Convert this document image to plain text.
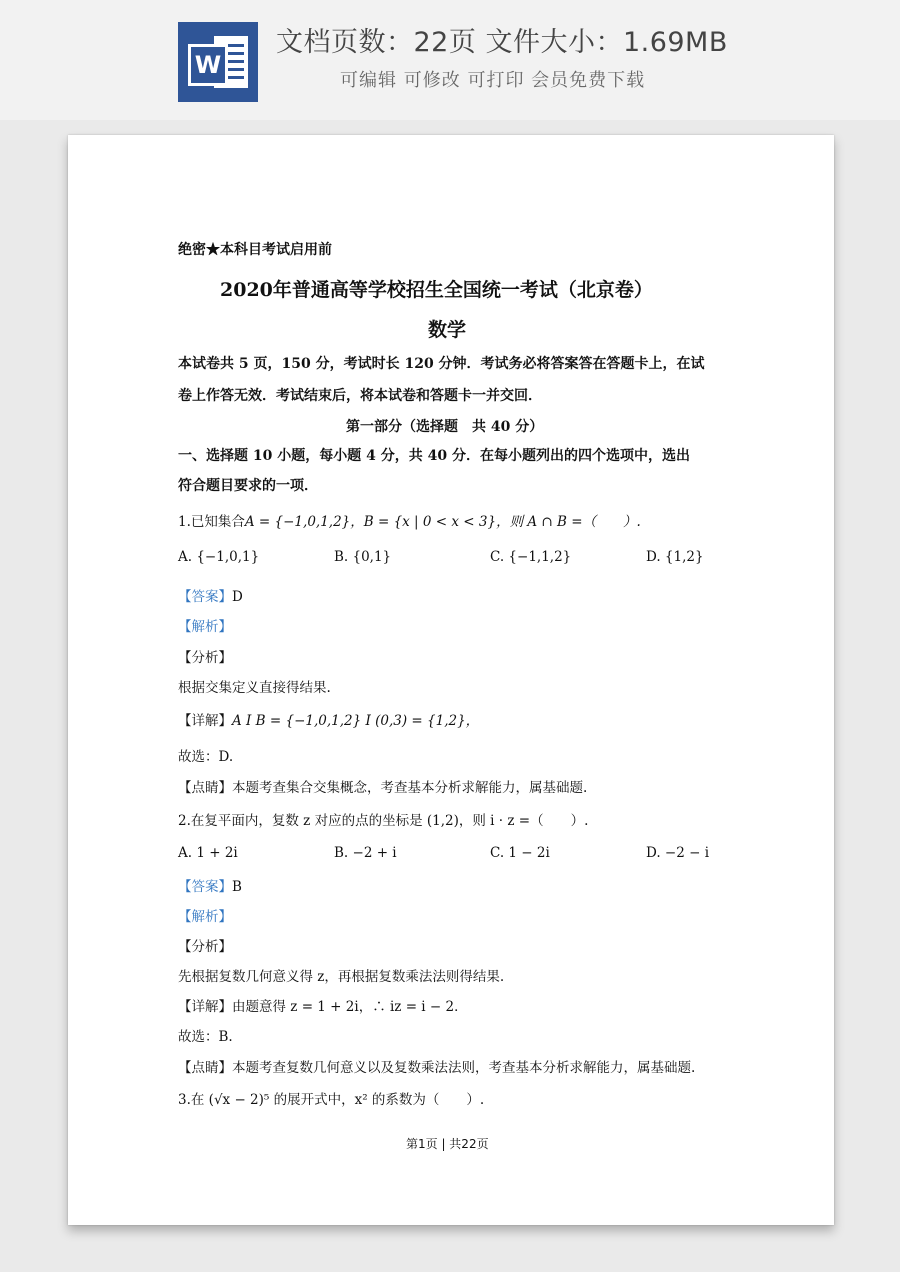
W
文档页数：22页 文件大小：1.69MB
可编辑 可修改 可打印 会员免费下载
绝密★本科目考试启用前
2020年普通高等学校招生全国统一考试（北京卷）
数学
本试卷共 5 页，150 分，考试时长 120 分钟．考试务必将答案答在答题卡上，在试
卷上作答无效．考试结束后，将本试卷和答题卡一并交回．
第一部分（选择题　共 40 分）
一、选择题 10 小题，每小题 4 分，共 40 分．在每小题列出的四个选项中，选出
符合题目要求的一项．
1.已知集合A = {−1,0,1,2}，B = {x | 0 < x < 3}，则 A ∩ B =（　　）.
A. {−1,0,1}	B. {0,1}	C. {−1,1,2}	D. {1,2}
【答案】D
【解析】
【分析】
根据交集定义直接得结果.
【详解】A I B = {−1,0,1,2} I (0,3) = {1,2}，
故选：D.
【点睛】本题考查集合交集概念，考查基本分析求解能力，属基础题.
2.在复平面内，复数 z 对应的点的坐标是 (1,2)，则 i · z =（　　）.
A. 1 + 2i	B. −2 + i	C. 1 − 2i	D. −2 − i
【答案】B
【解析】
【分析】
先根据复数几何意义得 z，再根据复数乘法法则得结果.
【详解】由题意得 z = 1 + 2i，∴ iz = i − 2．
故选：B.
【点睛】本题考查复数几何意义以及复数乘法法则，考查基本分析求解能力，属基础题.
3.在 (√x − 2)⁵ 的展开式中，x² 的系数为（　　）.
第1页 | 共22页
